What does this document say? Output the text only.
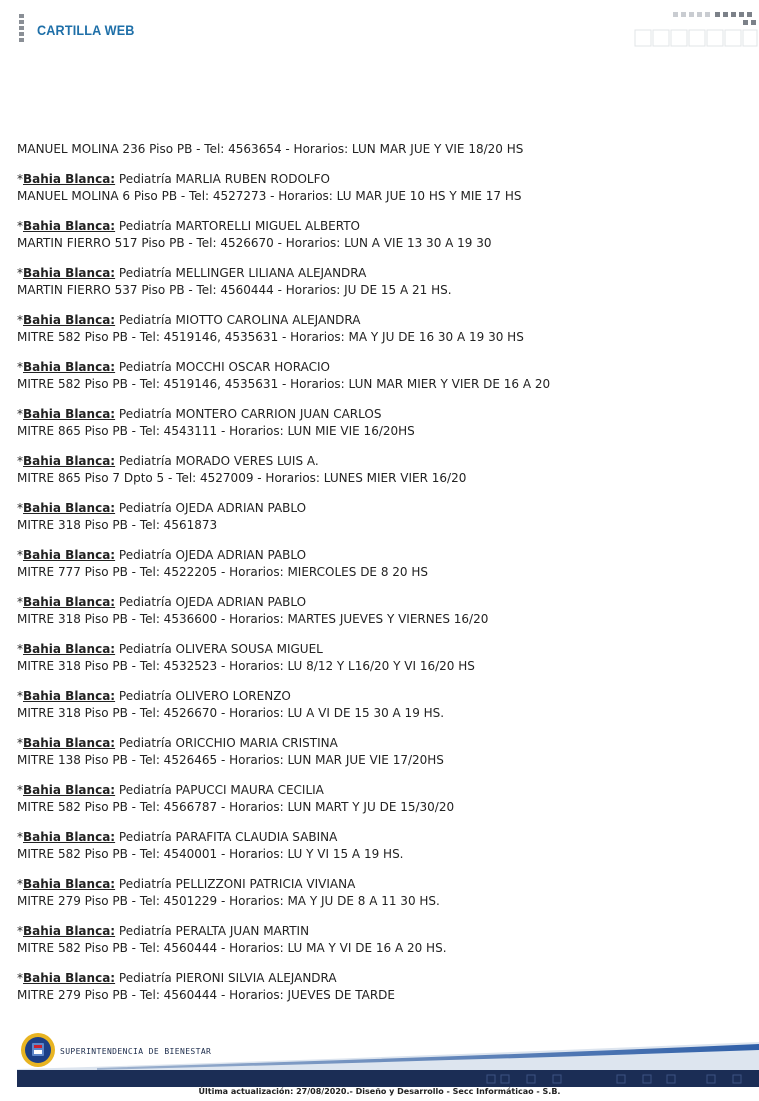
CARTILLA WEB

MANUEL MOLINA 236 Piso PB - Tel: 4563654 - Horarios: LUN MAR JUE Y VIE 18/20 HS

*Bahia Blanca: Pediatría MARLIA RUBEN RODOLFO

MANUEL MOLINA 6 Piso PB - Tel: 4527273 - Horarios: LU MAR JUE 10 HS Y MIE 17 HS

*Bahia Blanca: Pediatría MARTORELLI MIGUEL ALBERTO

MARTIN FIERRO 517 Piso PB - Tel: 4526670 - Horarios: LUN A VIE 13 30 A 19 30

*Bahia Blanca: Pediatría MELLINGER LILIANA ALEJANDRA

MARTIN FIERRO 537 Piso PB - Tel: 4560444 - Horarios: JU DE 15 A 21 HS.

*Bahia Blanca: Pediatría MIOTTO CAROLINA ALEJANDRA

MITRE 582 Piso PB - Tel: 4519146, 4535631 - Horarios: MA Y JU DE 16 30 A 19 30 HS

*Bahia Blanca: Pediatría MOCCHI OSCAR HORACIO

MITRE 582 Piso PB - Tel: 4519146, 4535631 - Horarios: LUN MAR MIER Y VIER DE 16 A 20

*Bahia Blanca: Pediatría MONTERO CARRION JUAN CARLOS

MITRE 865 Piso PB - Tel: 4543111 - Horarios: LUN MIE VIE 16/20HS

*Bahia Blanca: Pediatría MORADO VERES LUIS A.

MITRE 865 Piso 7 Dpto 5 - Tel: 4527009 - Horarios: LUNES MIER VIER 16/20

*Bahia Blanca: Pediatría OJEDA ADRIAN PABLO

MITRE 318 Piso PB - Tel: 4561873

*Bahia Blanca: Pediatría OJEDA ADRIAN PABLO

MITRE 777 Piso PB - Tel: 4522205 - Horarios: MIERCOLES DE 8 20 HS

*Bahia Blanca: Pediatría OJEDA ADRIAN PABLO

MITRE 318 Piso PB - Tel: 4536600 - Horarios: MARTES JUEVES Y VIERNES 16/20

*Bahia Blanca: Pediatría OLIVERA SOUSA MIGUEL

MITRE 318 Piso PB - Tel: 4532523 - Horarios: LU 8/12 Y L16/20 Y VI 16/20 HS

*Bahia Blanca: Pediatría OLIVERO LORENZO

MITRE 318 Piso PB - Tel: 4526670 - Horarios: LU A VI DE 15 30 A 19 HS.

*Bahia Blanca: Pediatría ORICCHIO MARIA CRISTINA

MITRE 138 Piso PB - Tel: 4526465 - Horarios: LUN MAR JUE VIE 17/20HS

*Bahia Blanca: Pediatría PAPUCCI MAURA CECILIA

MITRE 582 Piso PB - Tel: 4566787 - Horarios: LUN MART Y JU DE 15/30/20

*Bahia Blanca: Pediatría PARAFITA CLAUDIA SABINA

MITRE 582 Piso PB - Tel: 4540001 - Horarios: LU Y VI 15 A 19 HS.

*Bahia Blanca: Pediatría PELLIZZONI PATRICIA VIVIANA

MITRE 279 Piso PB - Tel: 4501229 - Horarios: MA Y JU DE 8 A 11 30 HS.

*Bahia Blanca: Pediatría PERALTA JUAN MARTIN

MITRE 582 Piso PB - Tel: 4560444 - Horarios: LU MA Y VI DE 16 A 20 HS.

*Bahia Blanca: Pediatría PIERONI SILVIA ALEJANDRA

MITRE 279 Piso PB - Tel: 4560444 - Horarios: JUEVES DE TARDE

SUPERINTENDENCIA DE BIENESTAR
Última actualización: 27/08/2020.- Diseño y Desarrollo - Secc Informáticao - S.B.
